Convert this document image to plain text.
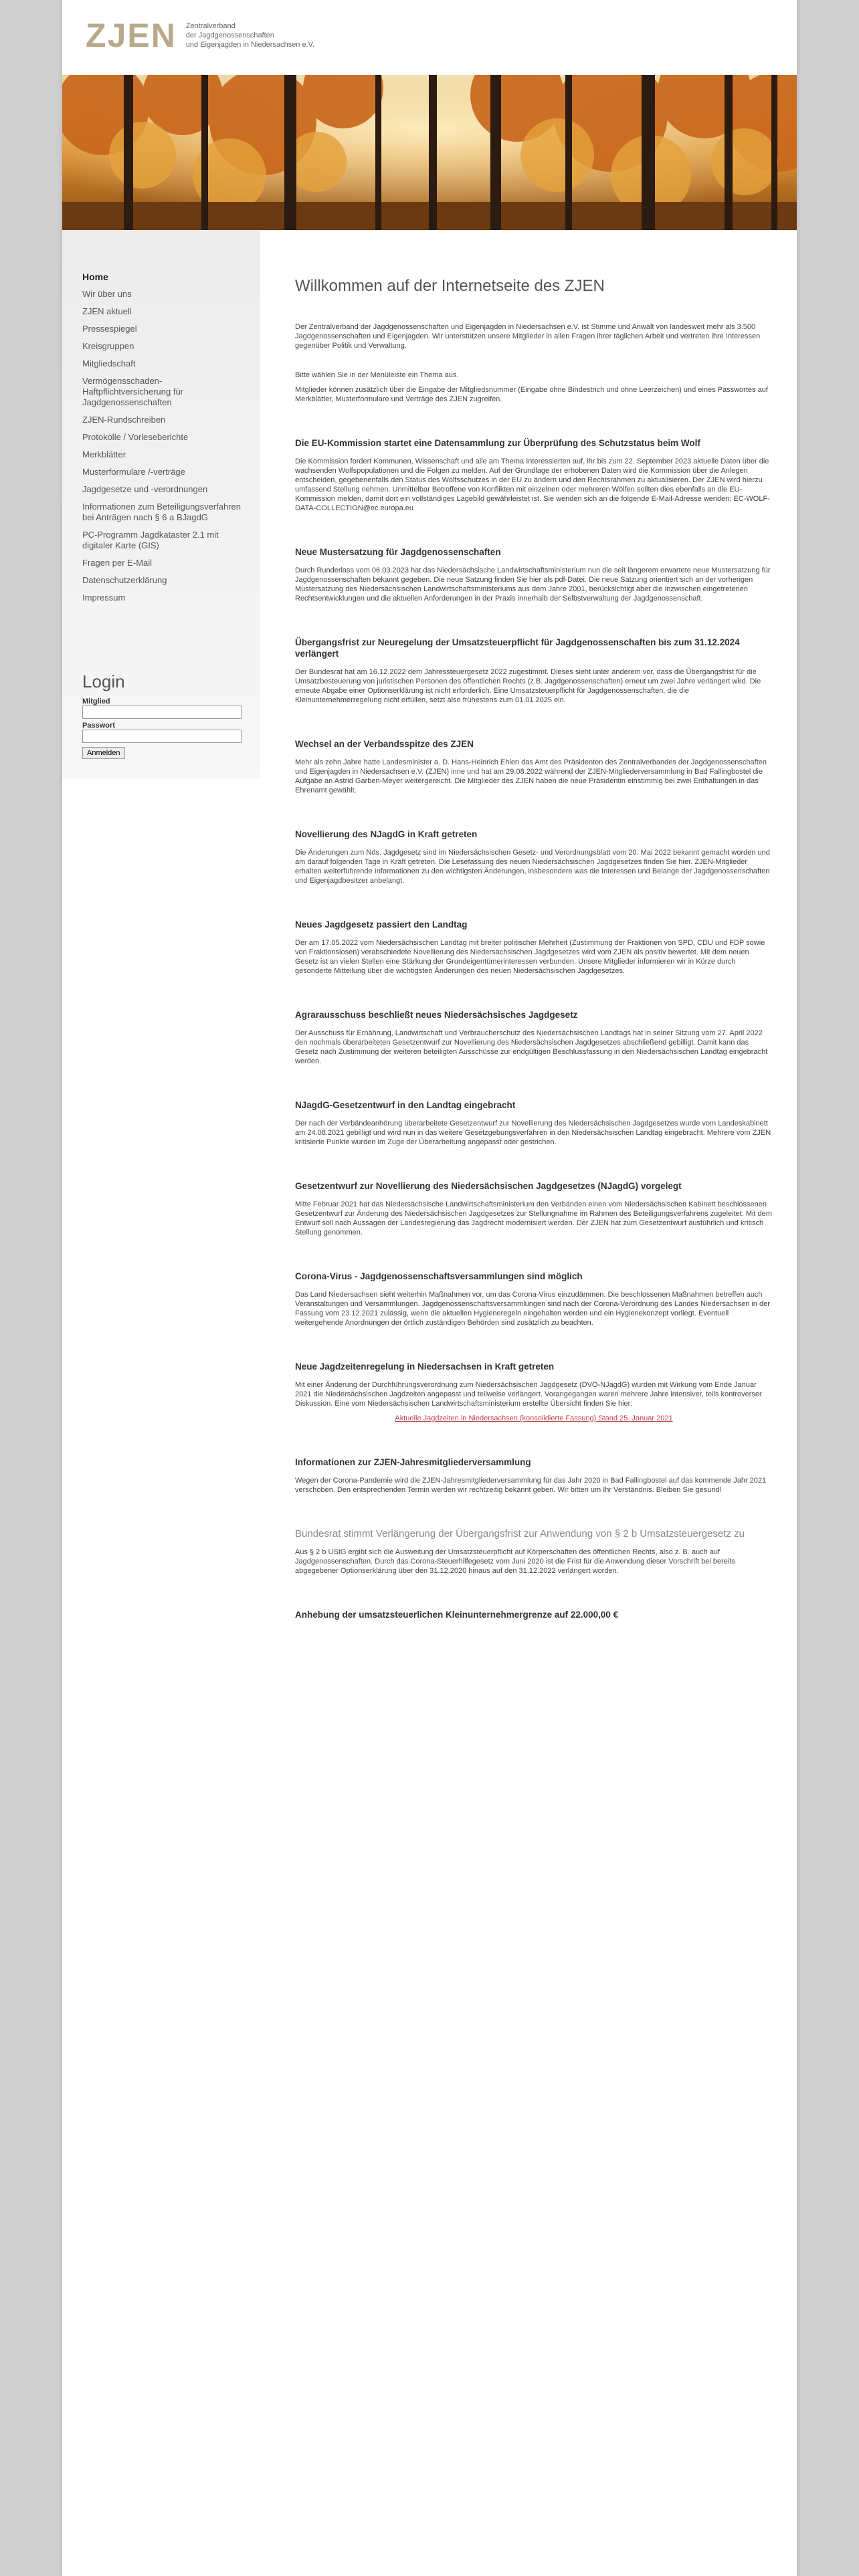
ZJEN Zentralverband
der Jagdgenossenschaften
und Eigenjagden in Niedersachsen e.V.
Home
Wir über uns
ZJEN aktuell
Pressespiegel
Kreisgruppen
Mitgliedschaft
Vermögensschaden-Haftpflichtversicherung für Jagdgenossenschaften
ZJEN-Rundschreiben
Protokolle / Vorleseberichte
Merkblätter
Musterformulare /-verträge
Jagdgesetze und -verordnungen
Informationen zum Beteiligungsverfahren bei Anträgen nach § 6 a BJagdG
PC-Programm Jagdkataster 2.1 mit digitaler Karte (GIS)
Fragen per E-Mail
Datenschutzerklärung
Impressum
Login
Mitglied
Passwort
Anmelden
Willkommen auf der Internetseite des ZJEN

Der Zentralverband der Jagdgenossenschaften und Eigenjagden in Niedersachsen e.V. ist Stimme und Anwalt von landesweit mehr als 3.500 Jagdgenossenschaften und Eigenjagden. Wir unterstützen unsere Mitglieder in allen Fragen ihrer täglichen Arbeit und vertreten ihre Interessen gegenüber Politik und Verwaltung.

Bitte wählen Sie in der Menüleiste ein Thema aus.

Mitglieder können zusätzlich über die Eingabe der Mitgliedsnummer (Eingabe ohne Bindestrich und ohne Leerzeichen) und eines Passwortes auf Merkblätter, Musterformulare und Verträge des ZJEN zugreifen.

Die EU-Kommission startet eine Datensammlung zur Überprüfung des Schutzstatus beim Wolf

Die Kommission fordert Kommunen, Wissenschaft und alle am Thema Interessierten auf, ihr bis zum 22. September 2023 aktuelle Daten über die wachsenden Wolfspopulationen und die Folgen zu melden. Auf der Grundlage der erhobenen Daten wird die Kommission über die Anlegen entscheiden, gegebenenfalls den Status des Wolfsschutzes in der EU zu ändern und den Rechtsrahmen zu aktualisieren. Der ZJEN wird hierzu umfassend Stellung nehmen. Unmittelbar Betroffene von Konflikten mit einzelnen oder mehreren Wölfen sollten dies ebenfalls an die EU-Kommission melden, damit dort ein vollständiges Lagebild gewährleistet ist. Sie wenden sich an die folgende E-Mail-Adresse wenden: EC-WOLF-DATA-COLLECTION@ec.europa.eu

Neue Mustersatzung für Jagdgenossenschaften

Durch Runderlass vom 06.03.2023 hat das Niedersächsische Landwirtschaftsministerium nun die seit längerem erwartete neue Mustersatzung für Jagdgenossenschaften bekannt gegeben. Die neue Satzung finden Sie hier als pdf-Datei. Die neue Satzung orientiert sich an der vorherigen Mustersatzung des Niedersächsischen Landwirtschaftsministeriums aus dem Jahre 2001, berücksichtigt aber die inzwischen eingetretenen Rechtsentwicklungen und die aktuellen Anforderungen in der Praxis innerhalb der Selbstverwaltung der Jagdgenossenschaft.

Übergangsfrist zur Neuregelung der Umsatzsteuerpflicht für Jagdgenossenschaften bis zum 31.12.2024 verlängert

Der Bundesrat hat am 16.12.2022 dem Jahressteuergesetz 2022 zugestimmt. Dieses sieht unter anderem vor, dass die Übergangsfrist für die Umsatzbesteuerung von juristischen Personen des öffentlichen Rechts (z.B. Jagdgenossenschaften) erneut um zwei Jahre verlängert wird. Die erneute Abgabe einer Optionserklärung ist nicht erforderlich. Eine Umsatzsteuerpflicht für Jagdgenossenschaften, die die Kleinunternehmerregelung nicht erfüllen, setzt also frühestens zum 01.01.2025 ein.

Wechsel an der Verbandsspitze des ZJEN

Mehr als zehn Jahre hatte Landesminister a. D. Hans-Heinrich Ehlen das Amt des Präsidenten des Zentralverbandes der Jagdgenossenschaften und Eigenjagden in Niedersachsen e.V. (ZJEN) inne und hat am 29.08.2022 während der ZJEN-Mitgliederversammlung in Bad Fallingbostel die Aufgabe an Astrid Garben-Meyer weitergereicht. Die Mitglieder des ZJEN haben die neue Präsidentin einstimmig bei zwei Enthaltungen in das Ehrenamt gewählt.

Novellierung des NJagdG in Kraft getreten

Die Änderungen zum Nds. Jagdgesetz sind im Niedersächsischen Gesetz- und Verordnungsblatt vom 20. Mai 2022 bekannt gemacht worden und am darauf folgenden Tage in Kraft getreten. Die Lesefassung des neuen Niedersächsischen Jagdgesetzes finden Sie hier. ZJEN-Mitglieder erhalten weiterführende Informationen zu den wichtigsten Änderungen, insbesondere was die Interessen und Belange der Jagdgenossenschaften und Eigenjagdbesitzer anbelangt.

Neues Jagdgesetz passiert den Landtag

Der am 17.05.2022 vom Niedersächsischen Landtag mit breiter politischer Mehrheit (Zustimmung der Fraktionen von SPD, CDU und FDP sowie von Fraktionslosen) verabschiedete Novellierung des Niedersächsischen Jagdgesetzes wird vom ZJEN als positiv bewertet. Mit dem neuen Gesetz ist an vielen Stellen eine Stärkung der Grundeigentümerinteressen verbunden. Unsere Mitglieder informieren wir in Kürze durch gesonderte Mitteilung über die wichtigsten Änderungen des neuen Niedersächsischen Jagdgesetzes.

Agrarausschuss beschließt neues Niedersächsisches Jagdgesetz

Der Ausschuss für Ernährung, Landwirtschaft und Verbraucherschutz des Niedersächsischen Landtags hat in seiner Sitzung vom 27. April 2022 den nochmals überarbeiteten Gesetzentwurf zur Novellierung des Niedersächsischen Jagdgesetzes abschließend gebilligt. Damit kann das Gesetz nach Zustimmung der weiteren beteiligten Ausschüsse zur endgültigen Beschlussfassung in den Niedersächsischen Landtag eingebracht werden.

NJagdG-Gesetzentwurf in den Landtag eingebracht

Der nach der Verbändeanhörung überarbeitete Gesetzentwurf zur Novellierung des Niedersächsischen Jagdgesetzes wurde vom Landeskabinett am 24.08.2021 gebilligt und wird nun in das weitere Gesetzgebungsverfahren in den Niedersächsischen Landtag eingebracht. Mehrere vom ZJEN kritisierte Punkte wurden im Zuge der Überarbeitung angepasst oder gestrichen.

Gesetzentwurf zur Novellierung des Niedersächsischen Jagdgesetzes (NJagdG) vorgelegt

Mitte Februar 2021 hat das Niedersächsische Landwirtschaftsministerium den Verbänden einen vom Niedersächsischen Kabinett beschlossenen Gesetzentwurf zur Änderung des Niedersächsischen Jagdgesetzes zur Stellungnahme im Rahmen des Beteiligungsverfahrens zugeleitet. Mit dem Entwurf soll nach Aussagen der Landesregierung das Jagdrecht modernisiert werden. Der ZJEN hat zum Gesetzentwurf ausführlich und kritisch Stellung genommen.

Corona-Virus - Jagdgenossenschaftsversammlungen sind möglich

Das Land Niedersachsen sieht weiterhin Maßnahmen vor, um das Corona-Virus einzudämmen. Die beschlossenen Maßnahmen betreffen auch Veranstaltungen und Versammlungen. Jagdgenossenschaftsversammlungen sind nach der Corona-Verordnung des Landes Niedersachsen in der Fassung vom 23.12.2021 zulässig, wenn die aktuellen Hygieneregeln eingehalten werden und ein Hygienekonzept vorliegt. Eventuell weitergehende Anordnungen der örtlich zuständigen Behörden sind zusätzlich zu beachten.

Neue Jagdzeitenregelung in Niedersachsen in Kraft getreten

Mit einer Änderung der Durchführungsverordnung zum Niedersächsischen Jagdgesetz (DVO-NJagdG) wurden mit Wirkung vom Ende Januar 2021 die Niedersächsischen Jagdzeiten angepasst und teilweise verlängert. Vorangegangen waren mehrere Jahre intensiver, teils kontroverser Diskussion. Eine vom Niedersächsischen Landwirtschaftsministerium erstellte Übersicht finden Sie hier:

Aktuelle Jagdzeiten in Niedersachsen (konsolidierte Fassung) Stand 25. Januar 2021

Informationen zur ZJEN-Jahresmitgliederversammlung

Wegen der Corona-Pandemie wird die ZJEN-Jahresmitgliederversammlung für das Jahr 2020 in Bad Fallingbostel auf das kommende Jahr 2021 verschoben. Den entsprechenden Termin werden wir rechtzeitig bekannt geben. Wir bitten um Ihr Verständnis. Bleiben Sie gesund!

Bundesrat stimmt Verlängerung der Übergangsfrist zur Anwendung von § 2 b Umsatzsteuergesetz zu

Aus § 2 b UStG ergibt sich die Ausweitung der Umsatzsteuerpflicht auf Körperschaften des öffentlichen Rechts, also z. B. auch auf Jagdgenossenschaften. Durch das Corona-Steuerhilfegesetz vom Juni 2020 ist die Frist für die Anwendung dieser Vorschrift bei bereits abgegebener Optionserklärung über den 31.12.2020 hinaus auf den 31.12.2022 verlängert worden.

Anhebung der umsatzsteuerlichen Kleinunternehmergrenze auf 22.000,00 €
